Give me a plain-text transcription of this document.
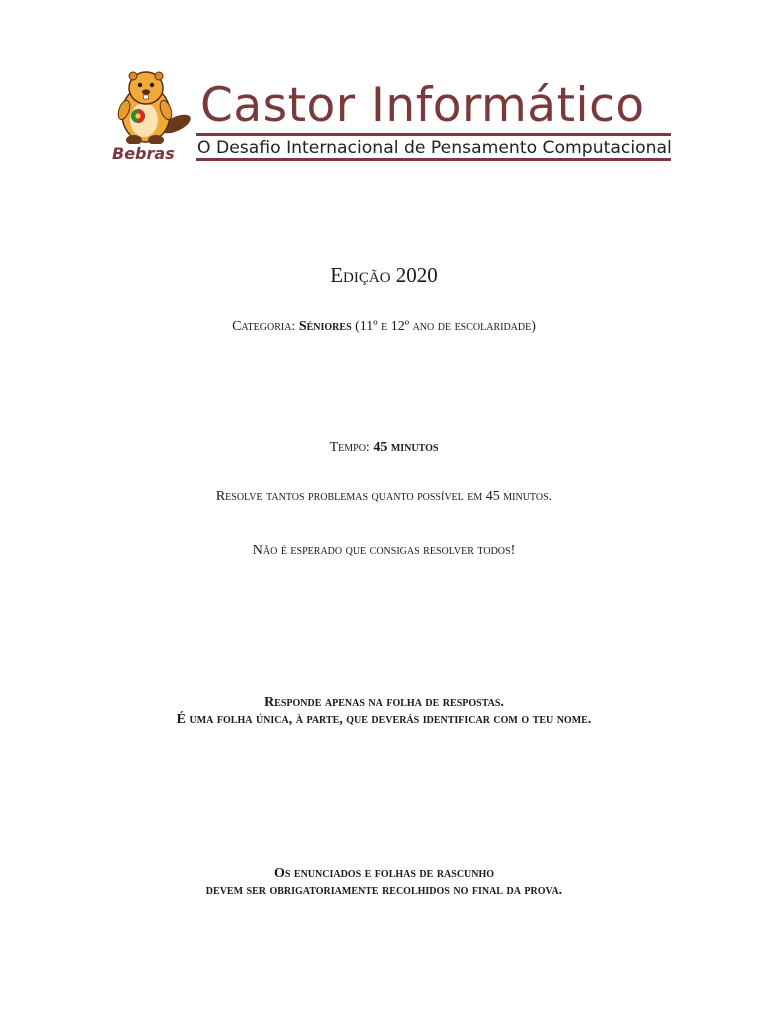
Bebras
Castor Informático
O Desafio Internacional de Pensamento Computacional
Edição 2020
Categoria: Séniores (11º e 12º ano de escolaridade)
Tempo: 45 minutos
Resolve tantos problemas quanto possível em 45 minutos.
Não é esperado que consigas resolver todos!
Responde apenas na folha de respostas.
É uma folha única, à parte, que deverás identificar com o teu nome.
Os enunciados e folhas de rascunho
devem ser obrigatoriamente recolhidos no final da prova.
